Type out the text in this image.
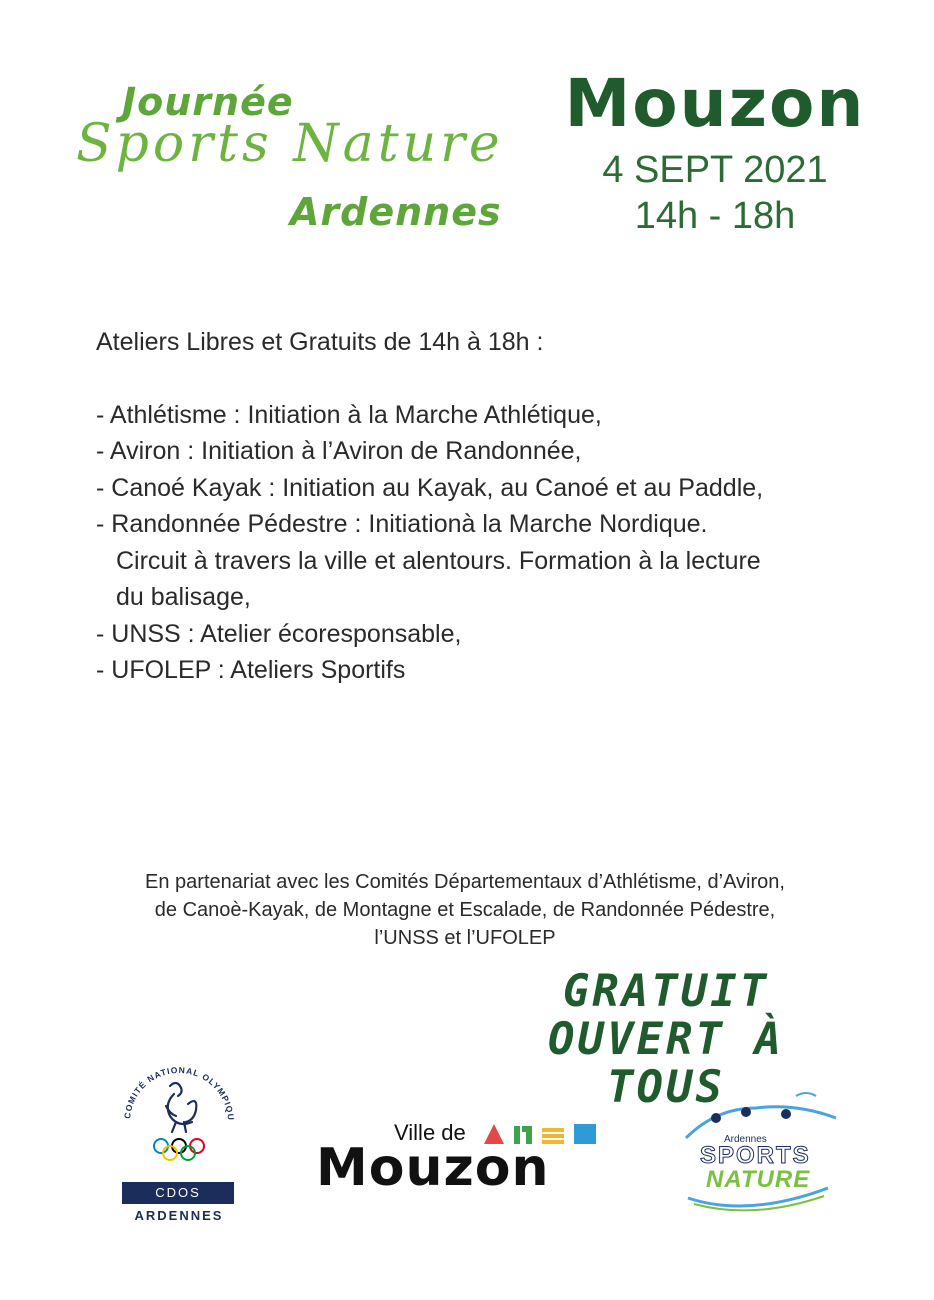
Journée
Sports Nature
Ardennes
Mouzon
4 SEPT 2021
14h - 18h
Ateliers Libres et Gratuits de 14h à 18h :
- Athlétisme : Initiation à la Marche Athlétique,
- Aviron : Initiation à l’Aviron de Randonnée,
- Canoé Kayak : Initiation au Kayak, au Canoé et au Paddle,
- Randonnée Pédestre : Initiationà la Marche Nordique.
Circuit à travers la ville et alentours. Formation à la lecture
du balisage,
- UNSS : Atelier écoresponsable,
- UFOLEP : Ateliers Sportifs
En partenariat avec les Comités Départementaux d’Athlétisme, d’Aviron,
de Canoè-Kayak, de Montagne et Escalade, de Randonnée Pédestre,
l’UNSS et l’UFOLEP
GRATUIT
OUVERT À TOUS
COMITÉ NATIONAL OLYMPIQU
CDOS
ARDENNES
Ville de
Mouzon	Ardennes
SPORTS
NATURE
